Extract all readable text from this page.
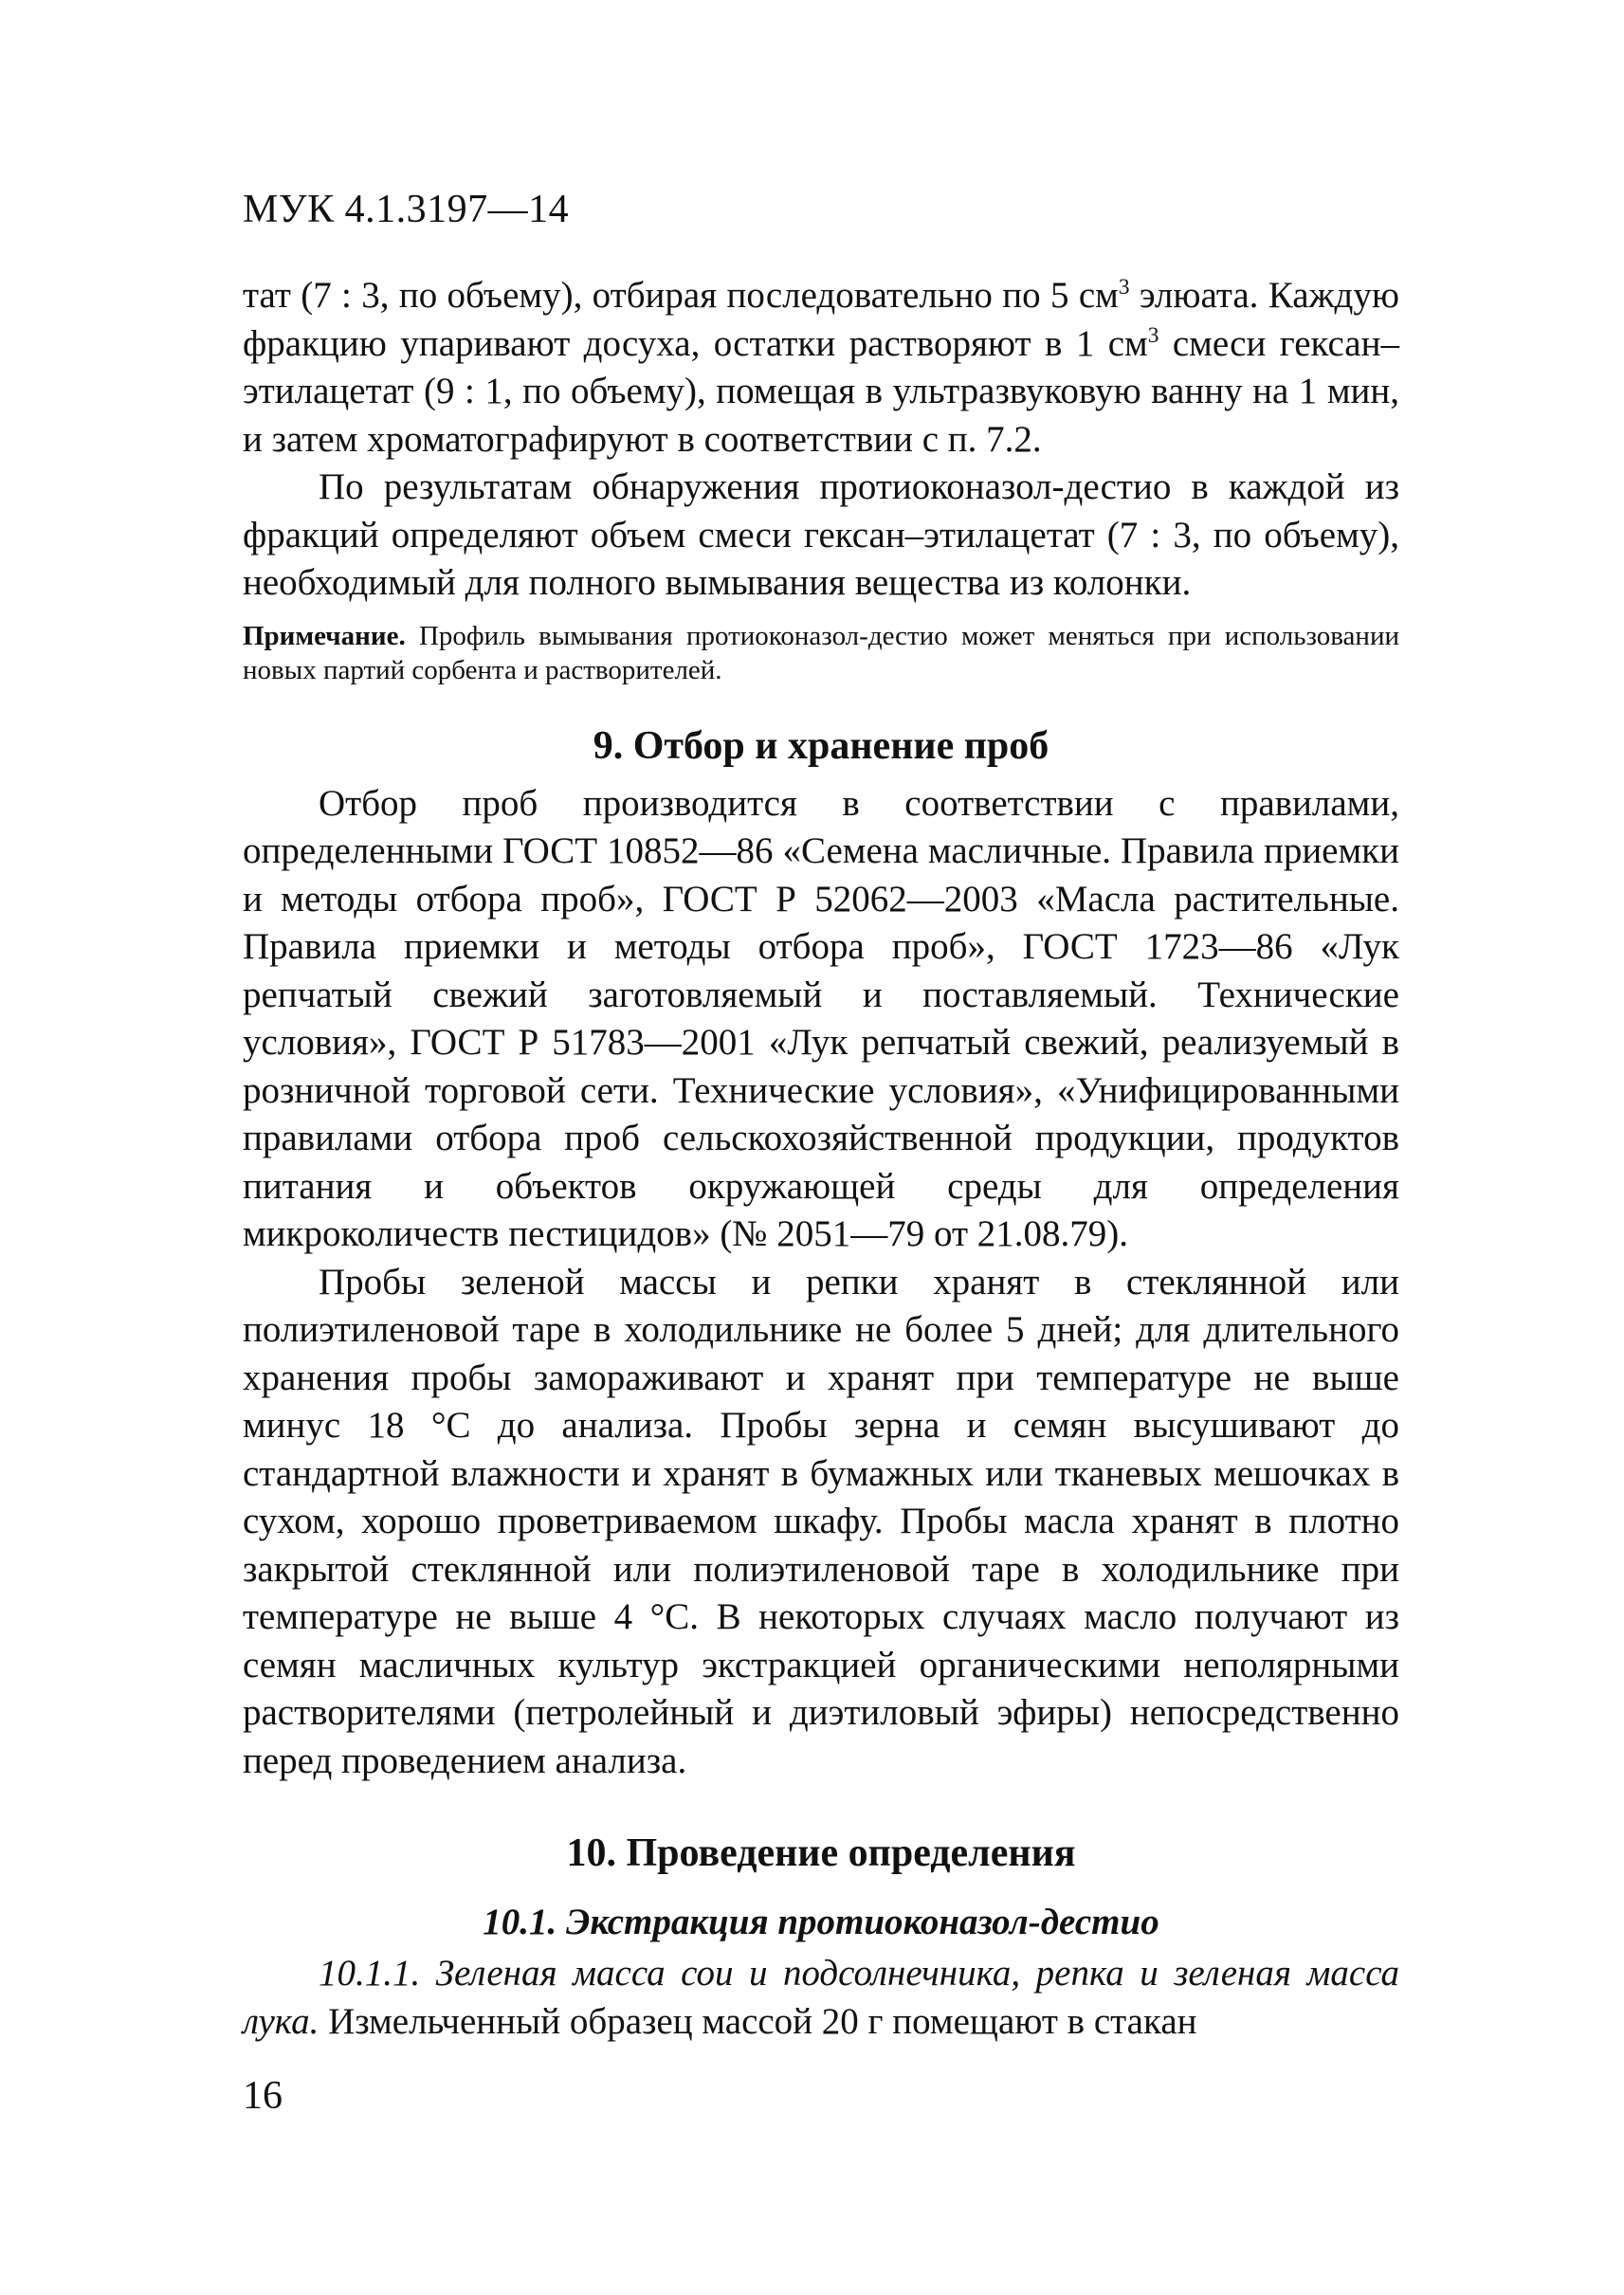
МУК 4.1.3197—14

тат (7 : 3, по объему), отбирая последовательно по 5 $см^3$ элюата. Каждую фракцию упаривают досуха, остатки растворяют в 1 $см^3$ смеси гексан–этилацетат (9 : 1, по объему), помещая в ультразвуковую ванну на 1 мин, и затем хроматографируют в соответствии с п. 7.2.

По результатам обнаружения протиоконазол-дестио в каждой из фракций определяют объем смеси гексан–этилацетат (7 : 3, по объему), необходимый для полного вымывания вещества из колонки.

Примечание. Профиль вымывания протиоконазол-дестио может меняться при использовании новых партий сорбента и растворителей.
9. Отбор и хранение проб

Отбор проб производится в соответствии с правилами, определенными ГОСТ 10852—86 «Семена масличные. Правила приемки и методы отбора проб», ГОСТ Р 52062—2003 «Масла растительные. Правила приемки и методы отбора проб», ГОСТ 1723—86 «Лук репчатый свежий заготовляемый и поставляемый. Технические условия», ГОСТ Р 51783—2001 «Лук репчатый свежий, реализуемый в розничной торговой сети. Технические условия», «Унифицированными правилами отбора проб сельскохозяйственной продукции, продуктов питания и объектов окружающей среды для определения микроколичеств пестицидов» (№ 2051—79 от 21.08.79).

Пробы зеленой массы и репки хранят в стеклянной или полиэтиленовой таре в холодильнике не более 5 дней; для длительного хранения пробы замораживают и хранят при температуре не выше минус 18 °С до анализа. Пробы зерна и семян высушивают до стандартной влажности и хранят в бумажных или тканевых мешочках в сухом, хорошо проветриваемом шкафу. Пробы масла хранят в плотно закрытой стеклянной или полиэтиленовой таре в холодильнике при температуре не выше 4 °С. В некоторых случаях масло получают из семян масличных культур экстракцией органическими неполярными растворителями (петролейный и диэтиловый эфиры) непосредственно перед проведением анализа.

10. Проведение определения
10.1. Экстракция протиоконазол-дестио

10.1.1. Зеленая масса сои и подсолнечника, репка и зеленая масса лука. Измельченный образец массой 20 г помещают в стакан

16
